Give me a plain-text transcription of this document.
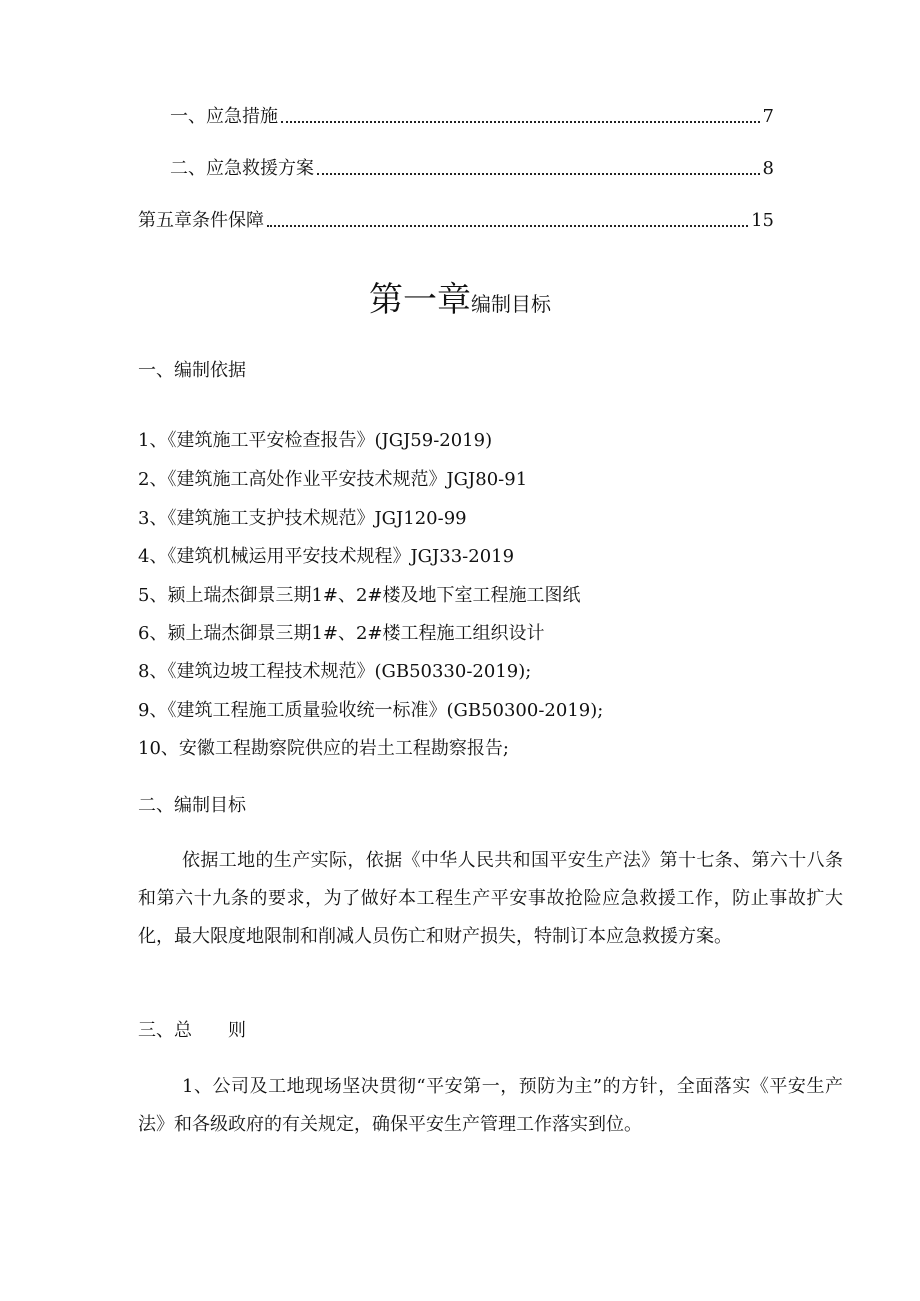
一、应急措施	7
二、应急救援方案	8
第五章条件保障	15
第一章编制目标
一、编制依据
1、《建筑施工平安检查报告》(JGJ59-2019)
2、《建筑施工高处作业平安技术规范》JGJ80-91
3、《建筑施工支护技术规范》JGJ120-99
4、《建筑机械运用平安技术规程》JGJ33-2019
5、颍上瑞杰御景三期1#、2#楼及地下室工程施工图纸
6、颍上瑞杰御景三期1#、2#楼工程施工组织设计
8、《建筑边坡工程技术规范》(GB50330-2019);
9、《建筑工程施工质量验收统一标准》(GB50300-2019);
10、安徽工程勘察院供应的岩土工程勘察报告;
二、编制目标
依据工地的生产实际，依据《中华人民共和国平安生产法》第十七条、第六十八条和第六十九条的要求，为了做好本工程生产平安事故抢险应急救援工作，防止事故扩大化，最大限度地限制和削减人员伤亡和财产损失，特制订本应急救援方案。
三、总　　则
1、公司及工地现场坚决贯彻“平安第一，预防为主”的方针，全面落实《平安生产法》和各级政府的有关规定，确保平安生产管理工作落实到位。
